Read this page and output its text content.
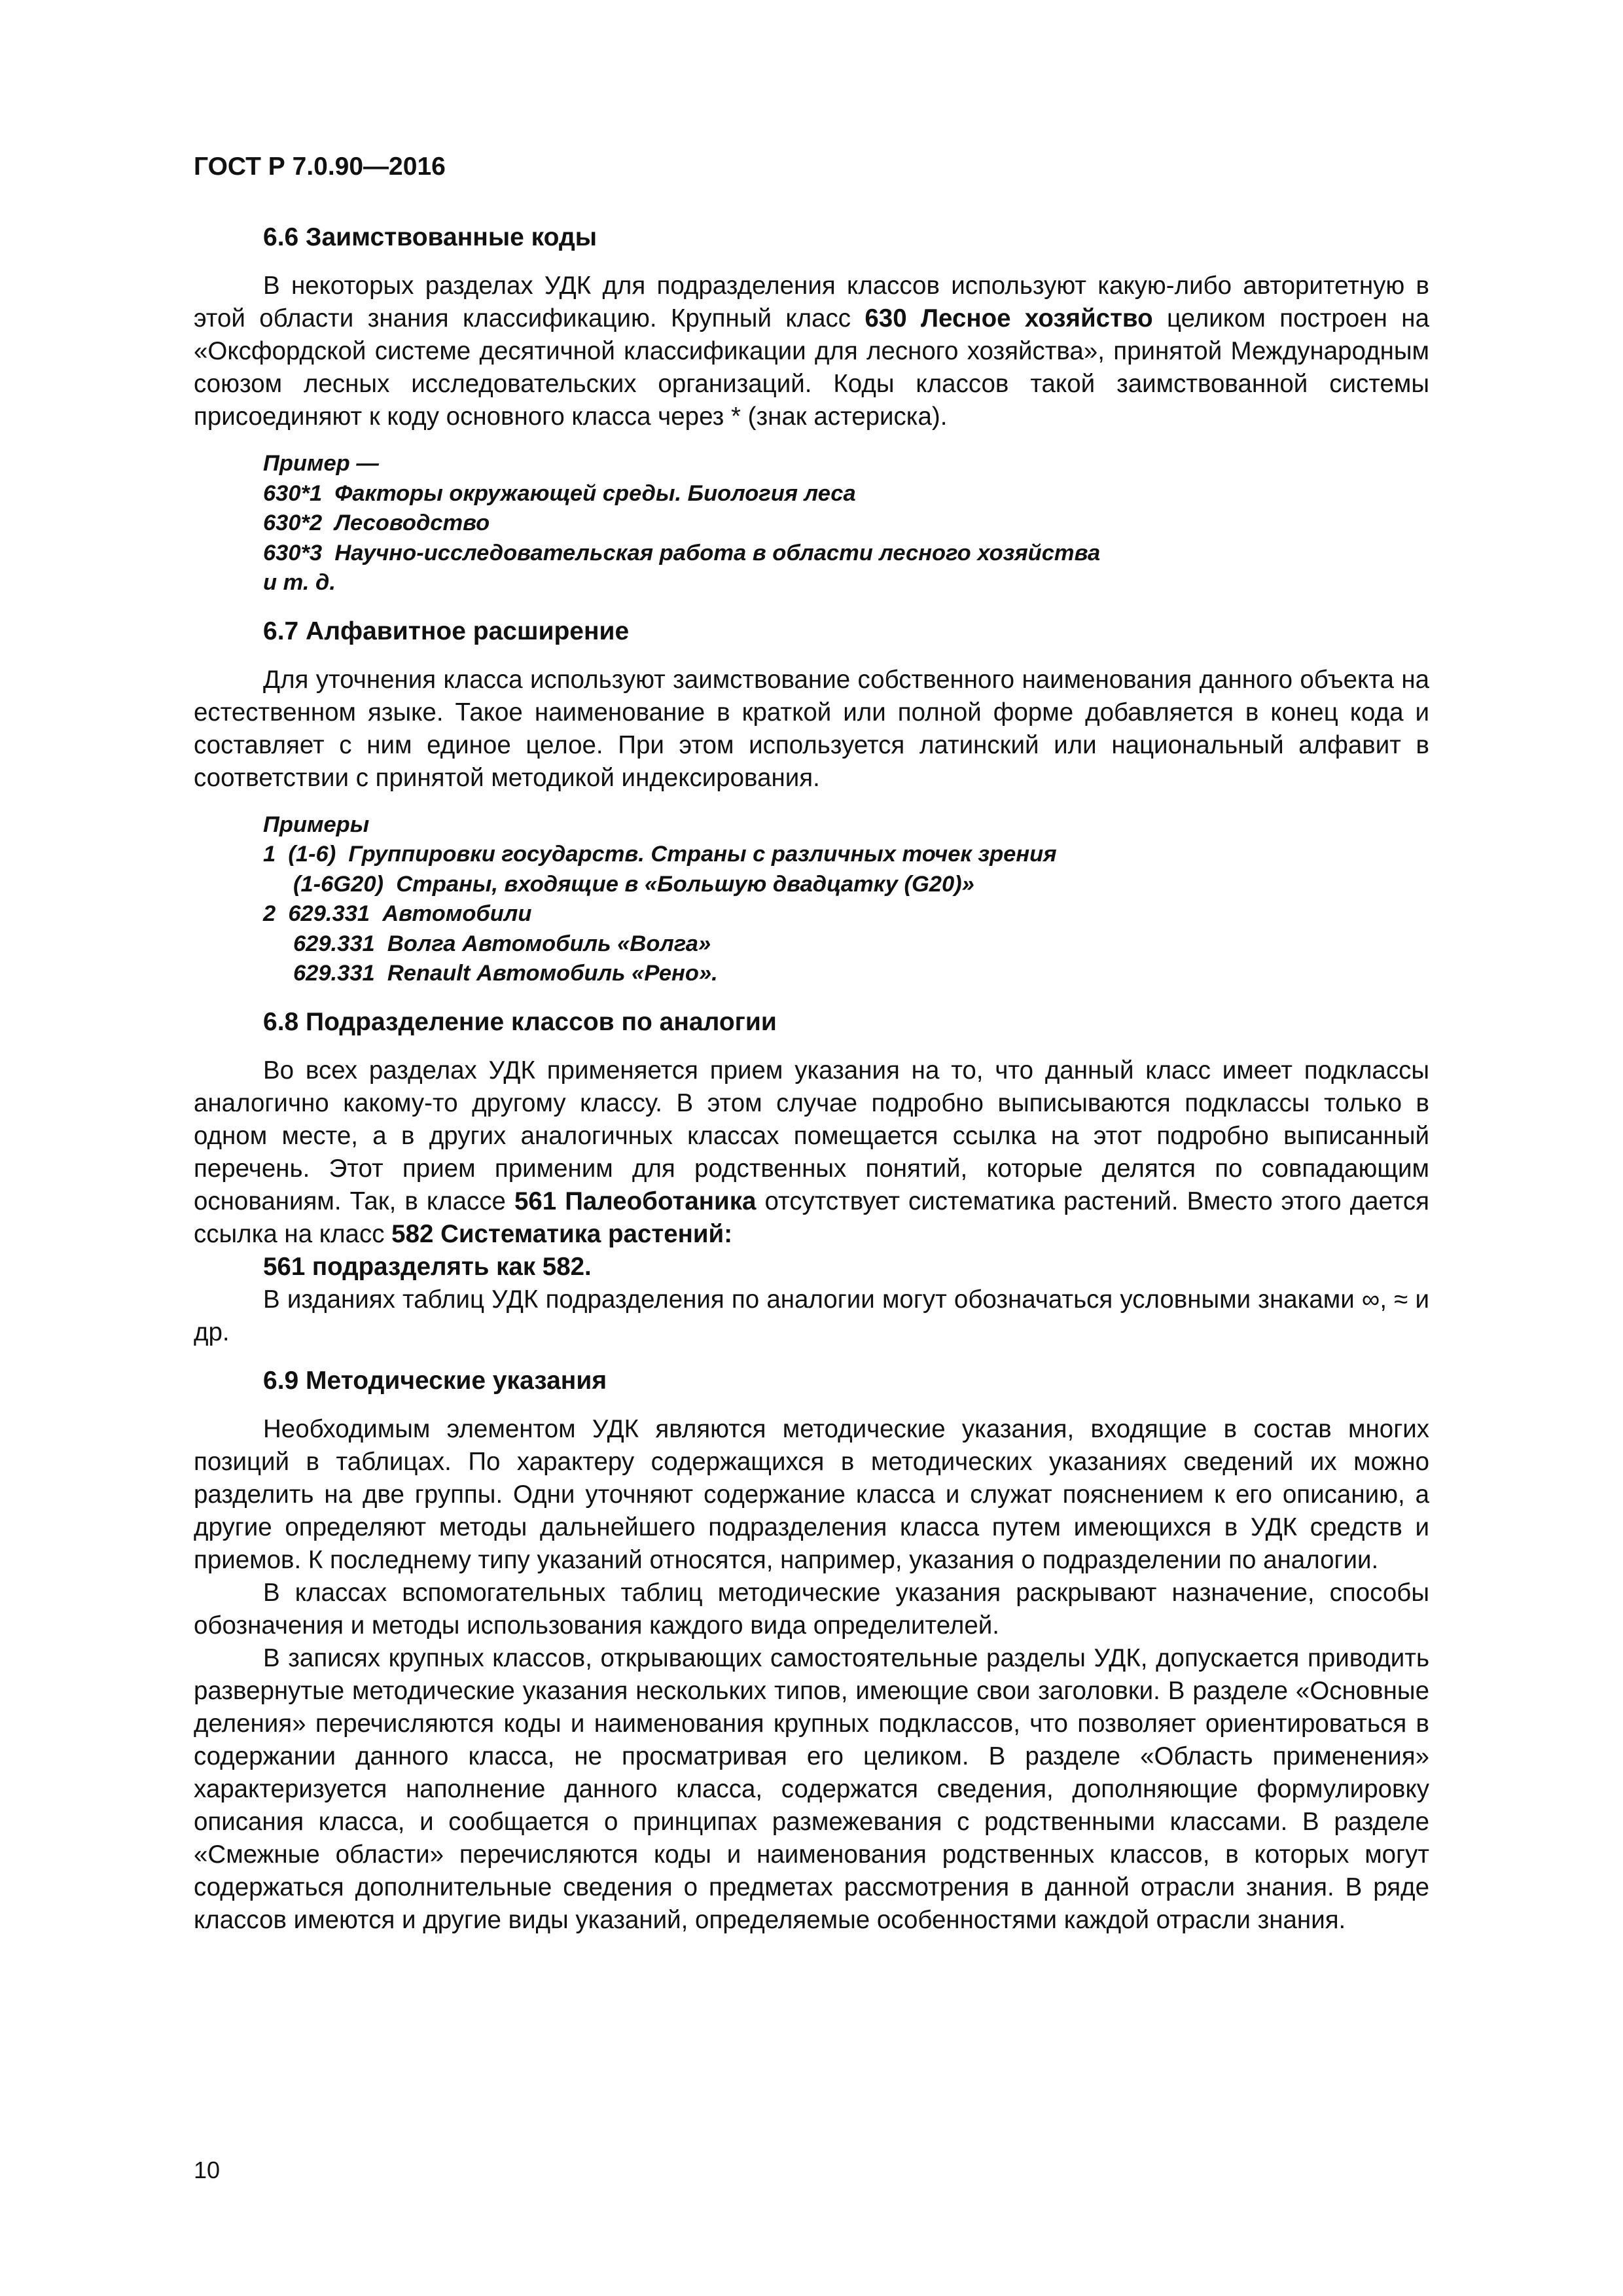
ГОСТ Р 7.0.90—2016
6.6 Заимствованные коды

В некоторых разделах УДК для подразделения классов используют какую-либо авторитетную в этой области знания классификацию. Крупный класс 630 Лесное хозяйство целиком построен на «Оксфордской системе десятичной классификации для лесного хозяйства», принятой Международным союзом лесных исследовательских организаций. Коды классов такой заимствованной системы присоединяют к коду основного класса через * (знак астериска).

Пример —
630*1  Факторы окружающей среды. Биология леса
630*2  Лесоводство
630*3  Научно-исследовательская работа в области лесного хозяйства
и т. д.
6.7 Алфавитное расширение

Для уточнения класса используют заимствование собственного наименования данного объекта на естественном языке. Такое наименование в краткой или полной форме добавляется в конец кода и составляет с ним единое целое. При этом используется латинский или национальный алфавит в соответствии с принятой методикой индексирования.

Примеры
1  (1-6)  Группировки государств. Страны с различных точек зрения
(1-6G20)  Страны, входящие в «Большую двадцатку (G20)»
2  629.331  Автомобили
629.331  Волга Автомобиль «Волга»
629.331  Renault Автомобиль «Рено».
6.8 Подразделение классов по аналогии

Во всех разделах УДК применяется прием указания на то, что данный класс имеет подклассы аналогично какому-то другому классу. В этом случае подробно выписываются подклассы только в одном месте, а в других аналогичных классах помещается ссылка на этот подробно выписанный перечень. Этот прием применим для родственных понятий, которые делятся по совпадающим основаниям. Так, в классе 561 Палеоботаника отсутствует систематика растений. Вместо этого дается ссылка на класс 582 Систематика растений:

561 подразделять как 582.

В изданиях таблиц УДК подразделения по аналогии могут обозначаться условными знаками ∞, ≈ и др.

6.9 Методические указания

Необходимым элементом УДК являются методические указания, входящие в состав многих позиций в таблицах. По характеру содержащихся в методических указаниях сведений их можно разделить на две группы. Одни уточняют содержание класса и служат пояснением к его описанию, а другие определяют методы дальнейшего подразделения класса путем имеющихся в УДК средств и приемов. К последнему типу указаний относятся, например, указания о подразделении по аналогии.

В классах вспомогательных таблиц методические указания раскрывают назначение, способы обозначения и методы использования каждого вида определителей.

В записях крупных классов, открывающих самостоятельные разделы УДК, допускается приводить развернутые методические указания нескольких типов, имеющие свои заголовки. В разделе «Основные деления» перечисляются коды и наименования крупных подклассов, что позволяет ориентироваться в содержании данного класса, не просматривая его целиком. В разделе «Область применения» характеризуется наполнение данного класса, содержатся сведения, дополняющие формулировку описания класса, и сообщается о принципах размежевания с родственными классами. В разделе «Смежные области» перечисляются коды и наименования родственных классов, в которых могут содержаться дополнительные сведения о предметах рассмотрения в данной отрасли знания. В ряде классов имеются и другие виды указаний, определяемые особенностями каждой отрасли знания.

10
